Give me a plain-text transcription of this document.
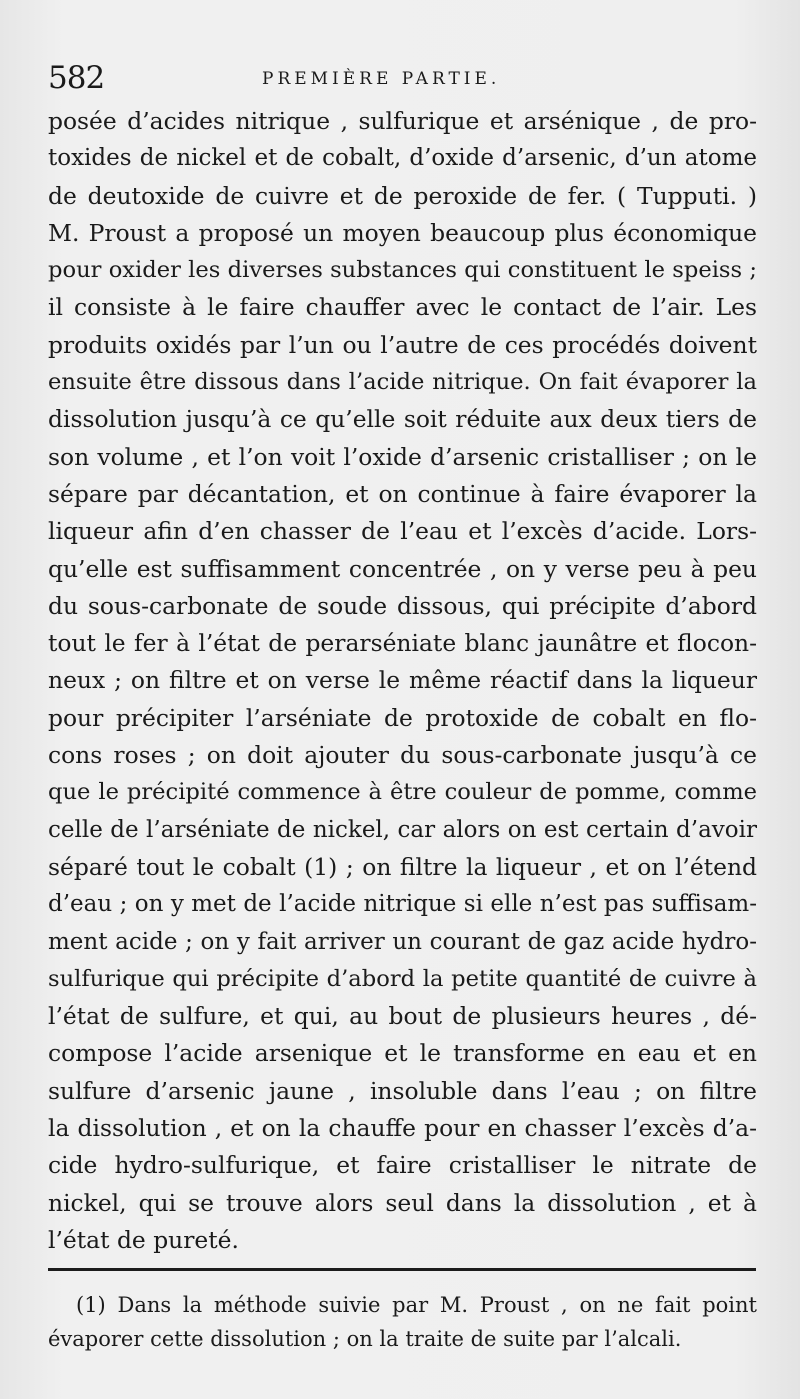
582	PREMIÈRE PARTIE.
posée d’acides nitrique , sulfurique et arsénique , de pro-
toxides de nickel et de cobalt, d’oxide d’arsenic, d’un atome
de deutoxide de cuivre et de peroxide de fer. ( Tupputi. )
M. Proust a proposé un moyen beaucoup plus économique
pour oxider les diverses substances qui constituent le speiss ;
il consiste à le faire chauffer avec le contact de l’air. Les
produits oxidés par l’un ou l’autre de ces procédés doivent
ensuite être dissous dans l’acide nitrique. On fait évaporer la
dissolution jusqu’à ce qu’elle soit réduite aux deux tiers de
son volume , et l’on voit l’oxide d’arsenic cristalliser ; on le
sépare par décantation, et on continue à faire évaporer la
liqueur afin d’en chasser de l’eau et l’excès d’acide. Lors-
qu’elle est suffisamment concentrée , on y verse peu à peu
du sous-carbonate de soude dissous, qui précipite d’abord
tout le fer à l’état de perarséniate blanc jaunâtre et flocon-
neux ; on filtre et on verse le même réactif dans la liqueur
pour précipiter l’arséniate de protoxide de cobalt en flo-
cons roses ; on doit ajouter du sous-carbonate jusqu’à ce
que le précipité commence à être couleur de pomme, comme
celle de l’arséniate de nickel, car alors on est certain d’avoir
séparé tout le cobalt (1) ; on filtre la liqueur , et on l’étend
d’eau ; on y met de l’acide nitrique si elle n’est pas suffisam-
ment acide ; on y fait arriver un courant de gaz acide hydro-
sulfurique qui précipite d’abord la petite quantité de cuivre à
l’état de sulfure, et qui, au bout de plusieurs heures , dé-
compose l’acide arsenique et le transforme en eau et en
sulfure d’arsenic jaune , insoluble dans l’eau ; on filtre
la dissolution , et on la chauffe pour en chasser l’excès d’a-
cide hydro-sulfurique, et faire cristalliser le nitrate de
nickel, qui se trouve alors seul dans la dissolution , et à
l’état de pureté.
(1) Dans la méthode suivie par M. Proust , on ne fait point
évaporer cette dissolution ; on la traite de suite par l’alcali.
